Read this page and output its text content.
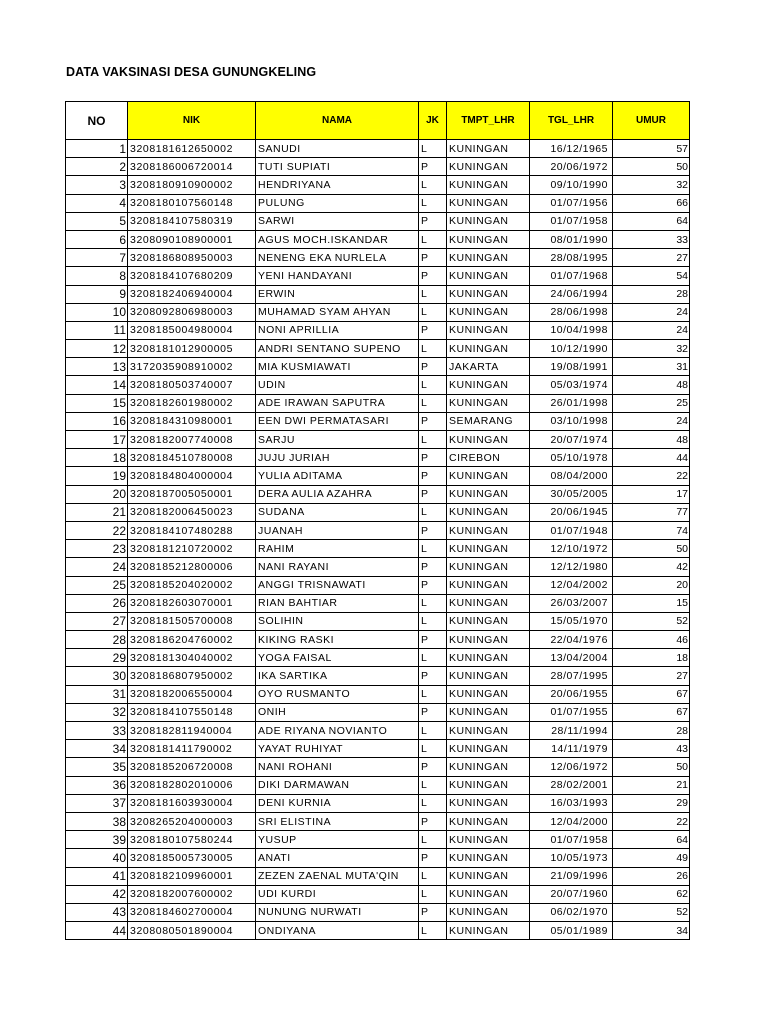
DATA VAKSINASI DESA GUNUNGKELING
NO	NIK	NAMA	JK	TMPT_LHR	TGL_LHR	UMUR
1	3208181612650002	SANUDI	L	KUNINGAN	16/12/1965	57
2	3208186006720014	TUTI SUPIATI	P	KUNINGAN	20/06/1972	50
3	3208180910900002	HENDRIYANA	L	KUNINGAN	09/10/1990	32
4	3208180107560148	PULUNG	L	KUNINGAN	01/07/1956	66
5	3208184107580319	SARWI	P	KUNINGAN	01/07/1958	64
6	3208090108900001	AGUS MOCH.ISKANDAR	L	KUNINGAN	08/01/1990	33
7	3208186808950003	NENENG EKA NURLELA	P	KUNINGAN	28/08/1995	27
8	3208184107680209	YENI HANDAYANI	P	KUNINGAN	01/07/1968	54
9	3208182406940004	ERWIN	L	KUNINGAN	24/06/1994	28
10	3208092806980003	MUHAMAD SYAM AHYAN	L	KUNINGAN	28/06/1998	24
11	3208185004980004	NONI APRILLIA	P	KUNINGAN	10/04/1998	24
12	3208181012900005	ANDRI SENTANO SUPENO	L	KUNINGAN	10/12/1990	32
13	3172035908910002	MIA KUSMIAWATI	P	JAKARTA	19/08/1991	31
14	3208180503740007	UDIN	L	KUNINGAN	05/03/1974	48
15	3208182601980002	ADE IRAWAN SAPUTRA	L	KUNINGAN	26/01/1998	25
16	3208184310980001	EEN DWI PERMATASARI	P	SEMARANG	03/10/1998	24
17	3208182007740008	SARJU	L	KUNINGAN	20/07/1974	48
18	3208184510780008	JUJU JURIAH	P	CIREBON	05/10/1978	44
19	3208184804000004	YULIA ADITAMA	P	KUNINGAN	08/04/2000	22
20	3208187005050001	DERA AULIA AZAHRA	P	KUNINGAN	30/05/2005	17
21	3208182006450023	SUDANA	L	KUNINGAN	20/06/1945	77
22	3208184107480288	JUANAH	P	KUNINGAN	01/07/1948	74
23	3208181210720002	RAHIM	L	KUNINGAN	12/10/1972	50
24	3208185212800006	NANI RAYANI	P	KUNINGAN	12/12/1980	42
25	3208185204020002	ANGGI TRISNAWATI	P	KUNINGAN	12/04/2002	20
26	3208182603070001	RIAN BAHTIAR	L	KUNINGAN	26/03/2007	15
27	3208181505700008	SOLIHIN	L	KUNINGAN	15/05/1970	52
28	3208186204760002	KIKING RASKI	P	KUNINGAN	22/04/1976	46
29	3208181304040002	YOGA FAISAL	L	KUNINGAN	13/04/2004	18
30	3208186807950002	IKA SARTIKA	P	KUNINGAN	28/07/1995	27
31	3208182006550004	OYO RUSMANTO	L	KUNINGAN	20/06/1955	67
32	3208184107550148	ONIH	P	KUNINGAN	01/07/1955	67
33	3208182811940004	ADE RIYANA NOVIANTO	L	KUNINGAN	28/11/1994	28
34	3208181411790002	YAYAT RUHIYAT	L	KUNINGAN	14/11/1979	43
35	3208185206720008	NANI ROHANI	P	KUNINGAN	12/06/1972	50
36	3208182802010006	DIKI DARMAWAN	L	KUNINGAN	28/02/2001	21
37	3208181603930004	DENI KURNIA	L	KUNINGAN	16/03/1993	29
38	3208265204000003	SRI ELISTINA	P	KUNINGAN	12/04/2000	22
39	3208180107580244	YUSUP	L	KUNINGAN	01/07/1958	64
40	3208185005730005	ANATI	P	KUNINGAN	10/05/1973	49
41	3208182109960001	ZEZEN ZAENAL MUTA'QIN	L	KUNINGAN	21/09/1996	26
42	3208182007600002	UDI KURDI	L	KUNINGAN	20/07/1960	62
43	3208184602700004	NUNUNG NURWATI	P	KUNINGAN	06/02/1970	52
44	3208080501890004	ONDIYANA	L	KUNINGAN	05/01/1989	34
